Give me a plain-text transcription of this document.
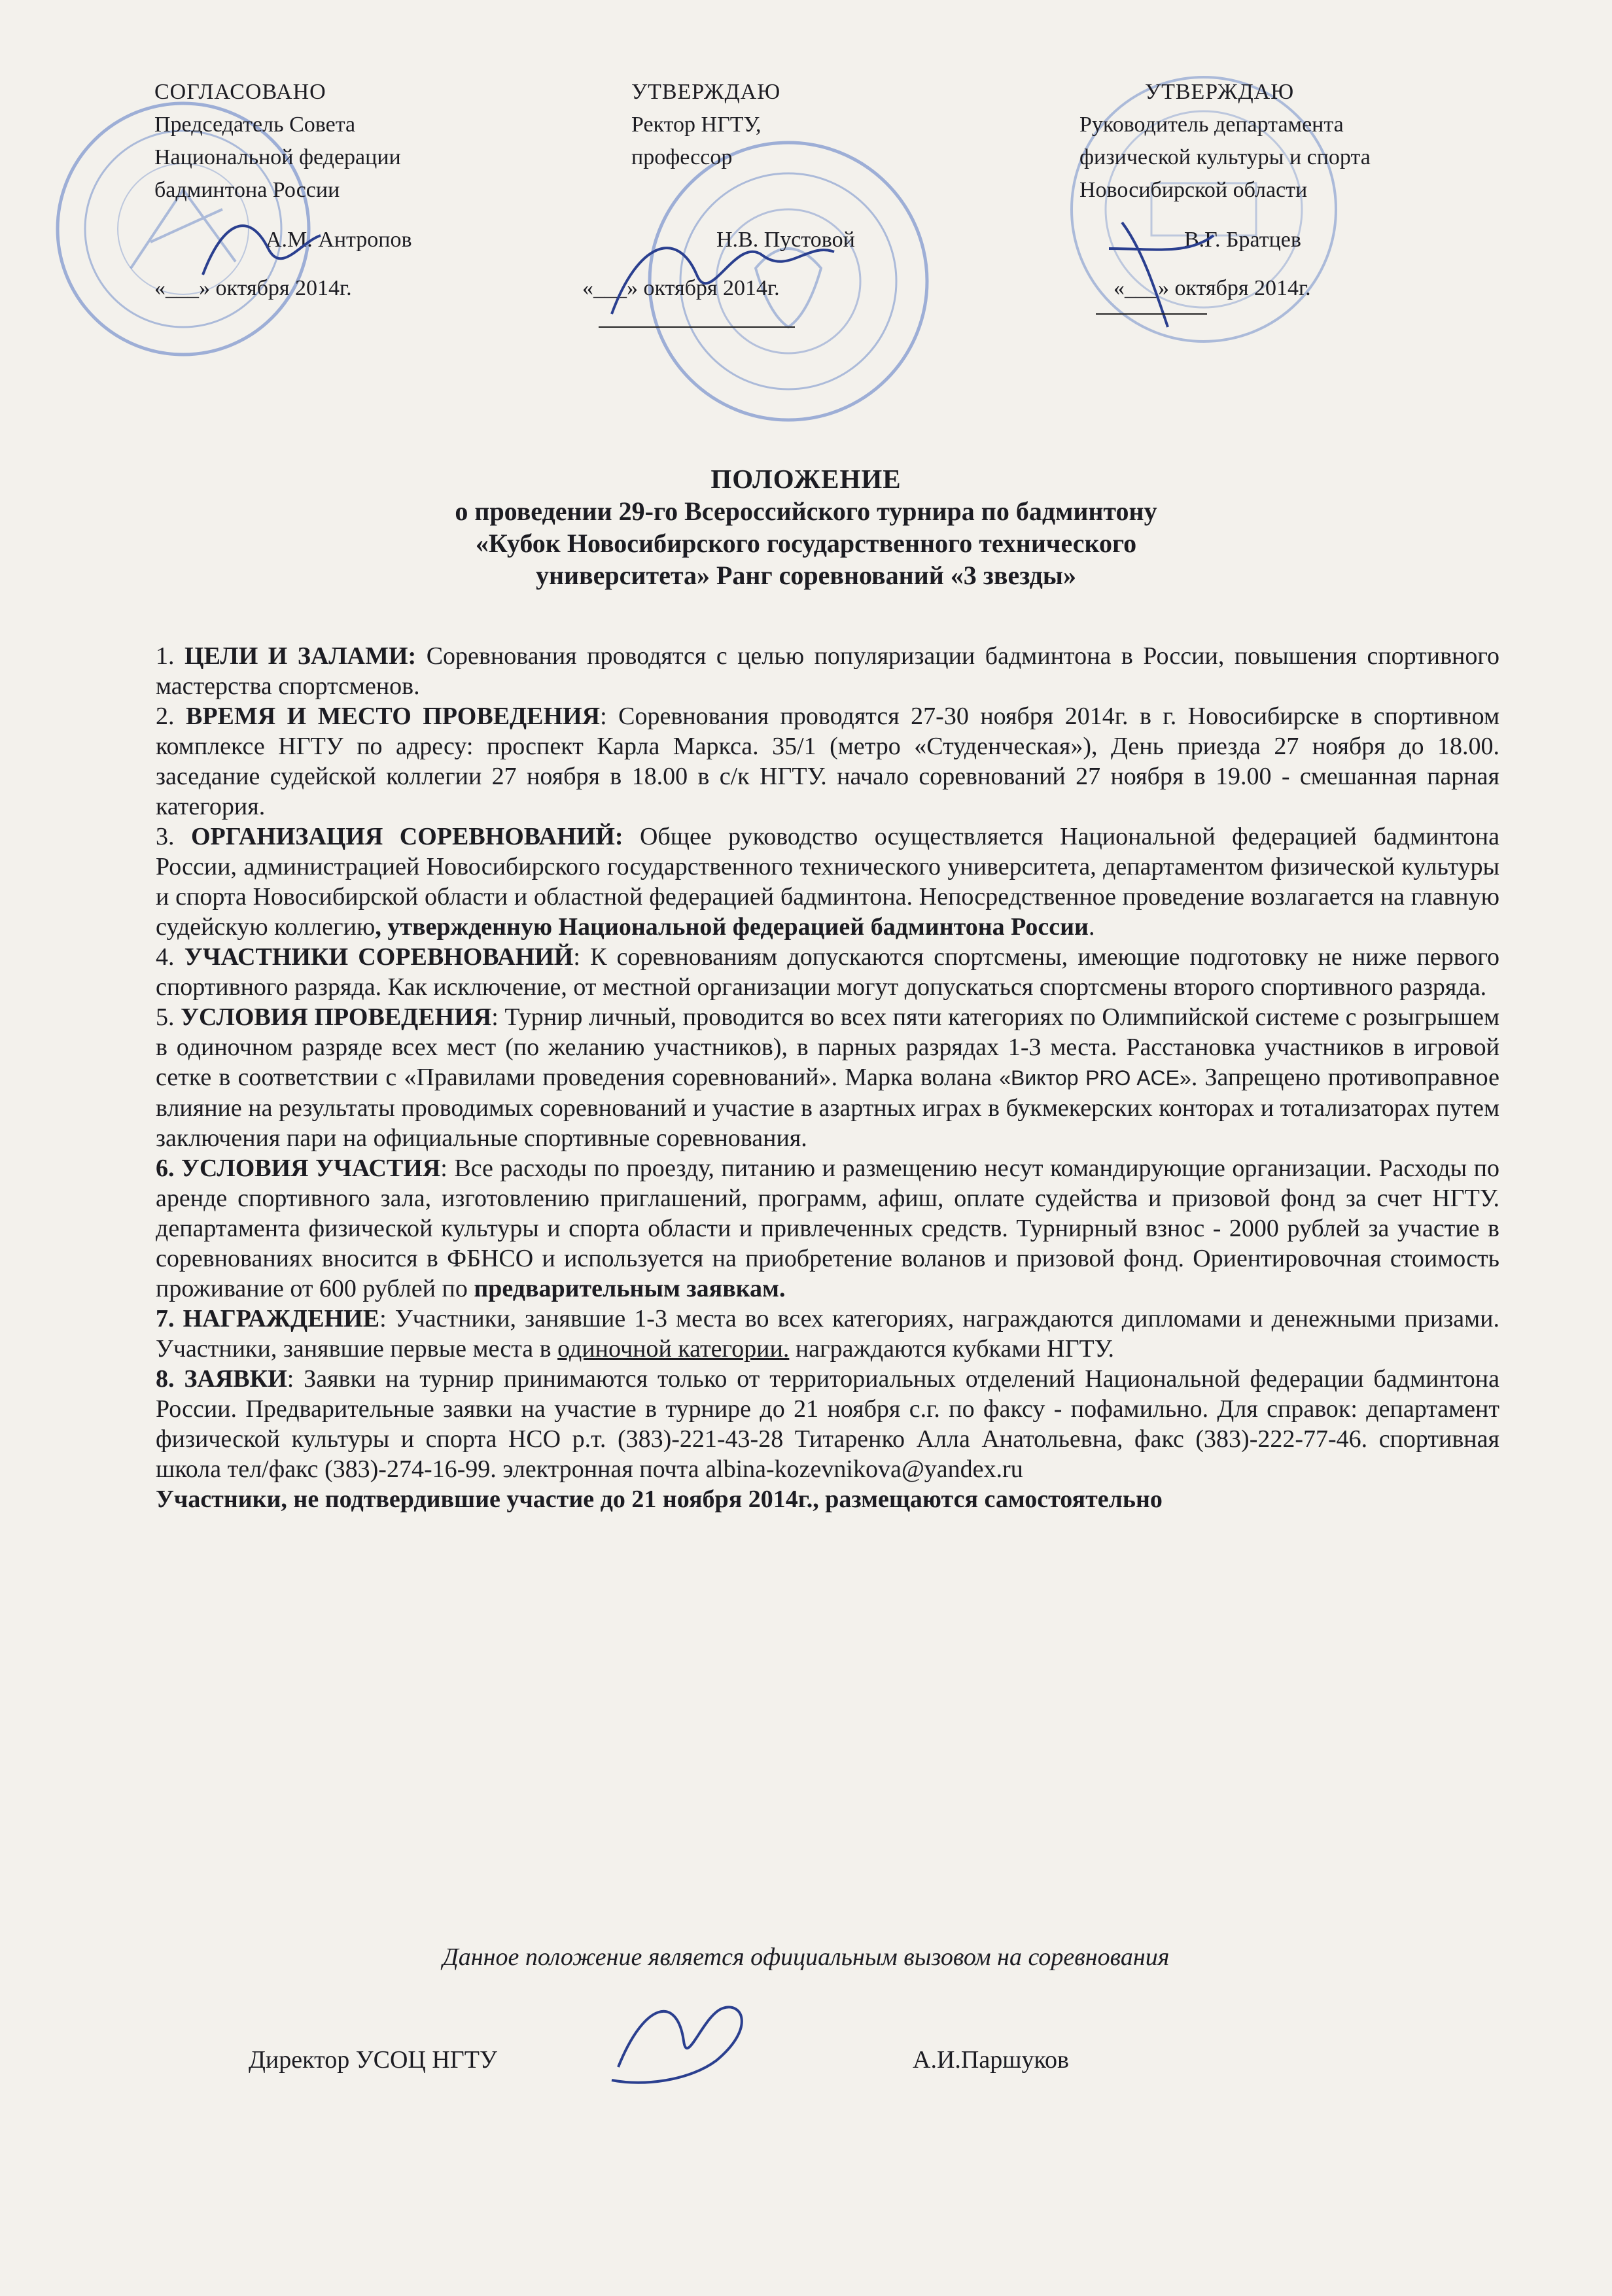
СОГЛАСОВАНО
Председатель Совета
Национальной федерации
бадминтона России
А.М. Антропов
«___» октября 2014г.
УТВЕРЖДАЮ
Ректор НГТУ,
профессор
Н.В. Пустовой
«___» октября 2014г.
УТВЕРЖДАЮ
Руководитель департамента
физической культуры и спорта
Новосибирской области
В.Г. Братцев
«___» октября 2014г.
ПОЛОЖЕНИЕ
о проведении 29-го Всероссийского турнира по бадминтону
«Кубок Новосибирского государственного технического
университета» Ранг соревнований «3 звезды»

1. ЦЕЛИ И ЗАЛАМИ: Соревнования проводятся с целью популяризации бадминтона в России, повышения спортивного мастерства спортсменов.

2. ВРЕМЯ И МЕСТО ПРОВЕДЕНИЯ: Соревнования проводятся 27-30 ноября 2014г. в г. Новосибирске в спортивном комплексе НГТУ по адресу: проспект Карла Маркса. 35/1 (метро «Студенческая»), День приезда 27 ноября до 18.00. заседание судейской коллегии 27 ноября в 18.00 в с/к НГТУ. начало соревнований 27 ноября в 19.00 - смешанная парная категория.

3. ОРГАНИЗАЦИЯ СОРЕВНОВАНИЙ: Общее руководство осуществляется Национальной федерацией бадминтона России, администрацией Новосибирского государственного технического университета, департаментом физической культуры и спорта Новосибирской области и областной федерацией бадминтона. Непосредственное проведение возлагается на главную судейскую коллегию, утвержденную Национальной федерацией бадминтона России.

4. УЧАСТНИКИ СОРЕВНОВАНИЙ: К соревнованиям допускаются спортсмены, имеющие подготовку не ниже первого спортивного разряда. Как исключение, от местной организации могут допускаться спортсмены второго спортивного разряда.

5. УСЛОВИЯ ПРОВЕДЕНИЯ: Турнир личный, проводится во всех пяти категориях по Олимпийской системе с розыгрышем в одиночном разряде всех мест (по желанию участников), в парных разрядах 1-3 места. Расстановка участников в игровой сетке в соответствии с «Правилами проведения соревнований». Марка волана «Виктор PRO ACE». Запрещено противоправное влияние на результаты проводимых соревнований и участие в азартных играх в букмекерских конторах и тотализаторах путем заключения пари на официальные спортивные соревнования.

6. УСЛОВИЯ УЧАСТИЯ: Все расходы по проезду, питанию и размещению несут командирующие организации. Расходы по аренде спортивного зала, изготовлению приглашений, программ, афиш, оплате судейства и призовой фонд за счет НГТУ. департамента физической культуры и спорта области и привлеченных средств. Турнирный взнос - 2000 рублей за участие в соревнованиях вносится в ФБНСО и используется на приобретение воланов и призовой фонд. Ориентировочная стоимость проживание от 600 рублей по предварительным заявкам.

7. НАГРАЖДЕНИЕ: Участники, занявшие 1-3 места во всех категориях, награждаются дипломами и денежными призами. Участники, занявшие первые места в одиночной категории. награждаются кубками НГТУ.

8. ЗАЯВКИ: Заявки на турнир принимаются только от территориальных отделений Национальной федерации бадминтона России. Предварительные заявки на участие в турнире до 21 ноября с.г. по факсу - пофамильно. Для справок: департамент физической культуры и спорта НСО р.т. (383)-221-43-28 Титаренко Алла Анатольевна, факс (383)-222-77-46. спортивная школа тел/факс (383)-274-16-99. электронная почта albina-kozevnikova@yandex.ru

Участники, не подтвердившие участие до 21 ноября 2014г., размещаются самостоятельно

Данное положение является официальным вызовом на соревнования
Директор УСОЦ НГТУ	А.И.Паршуков
